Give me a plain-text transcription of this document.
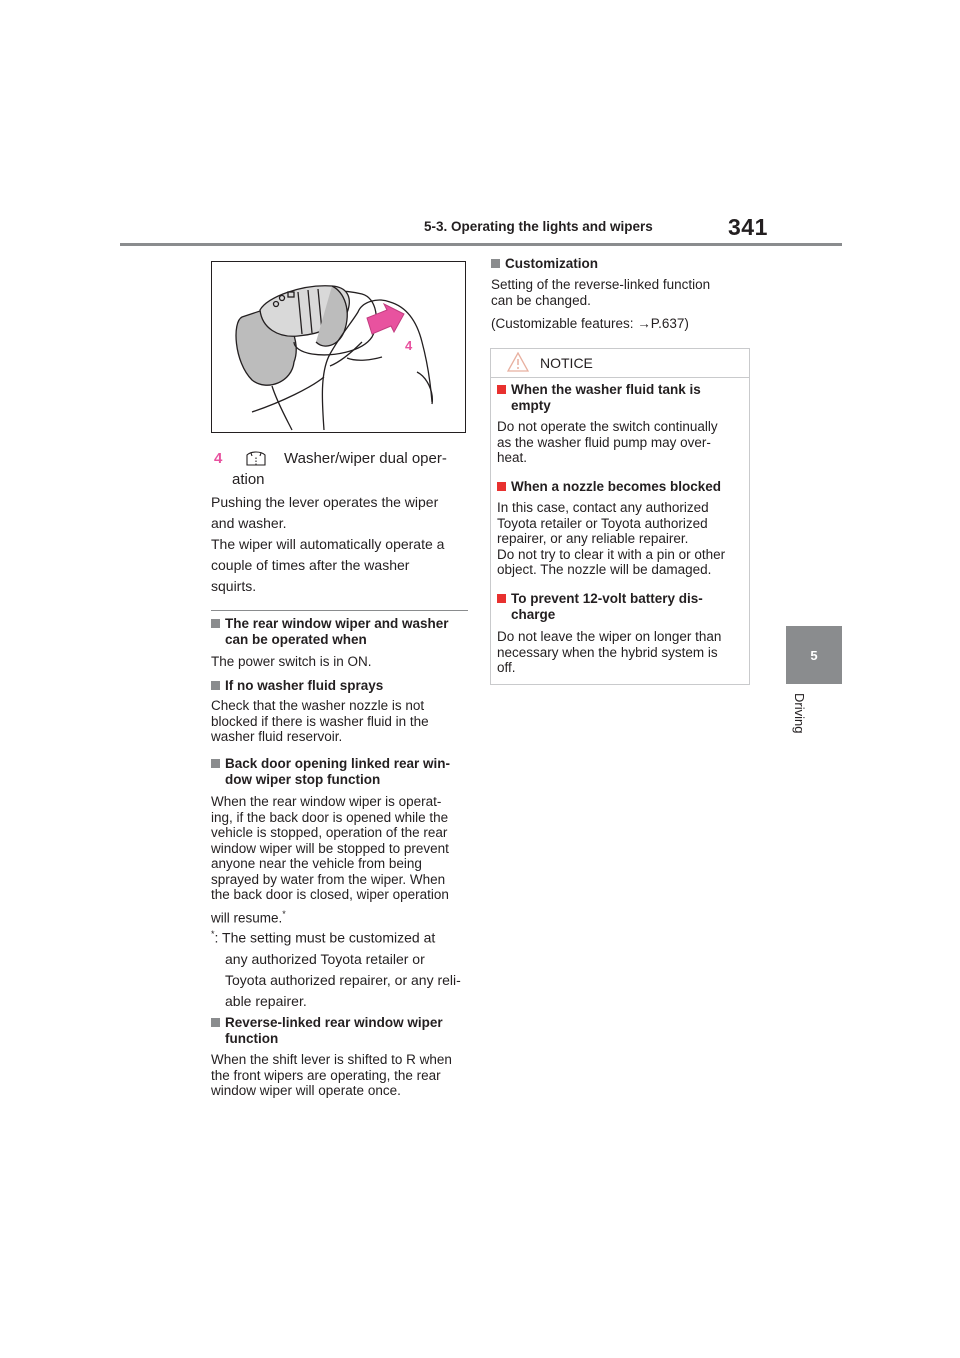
5-3. Operating the lights and wipers	341
5
Driving
4
4	Washer/wiper dual oper-
ation
Pushing the lever operates the wiper
and washer.
The wiper will automatically operate a
couple of times after the washer
squirts.
The rear window wiper and washer
can be operated when
The power switch is in ON.
If no washer fluid sprays
Check that the washer nozzle is not
blocked if there is washer fluid in the
washer fluid reservoir.
Back door opening linked rear win-
dow wiper stop function
When the rear window wiper is operat-
ing, if the back door is opened while the
vehicle is stopped, operation of the rear
window wiper will be stopped to prevent
anyone near the vehicle from being
sprayed by water from the wiper. When
the back door is closed, wiper operation
will resume.*
*: The setting must be customized at
any authorized Toyota retailer or
Toyota authorized repairer, or any reli-
able repairer.
Reverse-linked rear window wiper
function
When the shift lever is shifted to R when
the front wipers are operating, the rear
window wiper will operate once.
Customization
Setting of the reverse-linked function
can be changed.
(Customizable features: →P.637)
NOTICE
When the washer fluid tank is
empty
Do not operate the switch continually
as the washer fluid pump may over-
heat.
When a nozzle becomes blocked
In this case, contact any authorized
Toyota retailer or Toyota authorized
repairer, or any reliable repairer.
Do not try to clear it with a pin or other
object. The nozzle will be damaged.
To prevent 12-volt battery dis-
charge
Do not leave the wiper on longer than
necessary when the hybrid system is
off.
